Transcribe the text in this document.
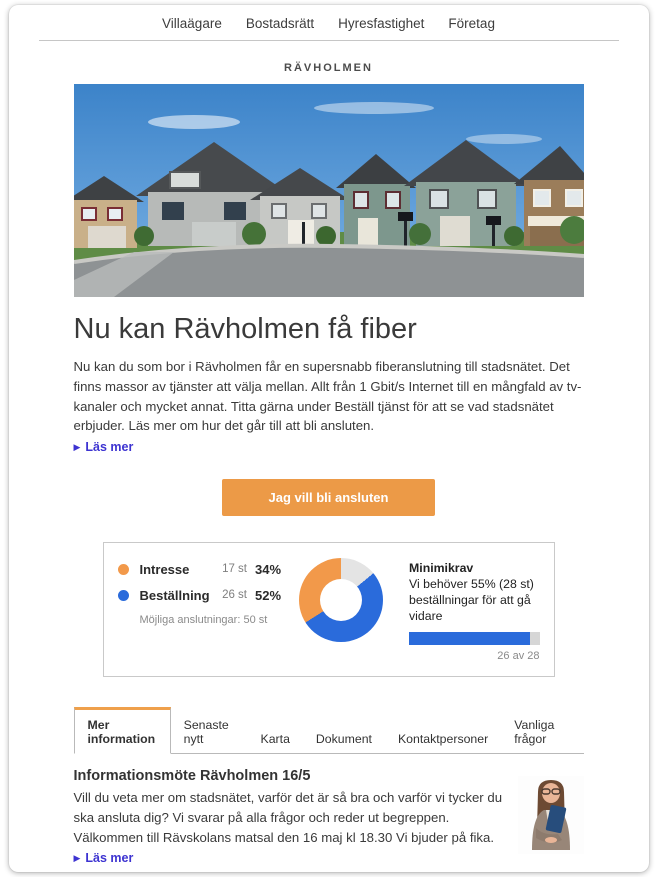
Villaägare Bostadsrätt Hyresfastighet Företag
RÄVHOLMEN
Nu kan Rävholmen få fiber

Nu kan du som bor i Rävholmen får en supersnabb fiberanslutning till stadsnätet. Det finns massor av tjänster att välja mellan. Allt från 1 Gbit/s Internet till en mångfald av tv-kanaler och mycket annat. Titta gärna under Beställ tjänst för att se vad stadsnätet erbjuder. Läs mer om hur det går till att bli ansluten.

▶ Läs mer
Jag vill bli ansluten
Intresse	17 st 34%
Beställning	26 st 52%
Möjliga anslutningar: 50 st
Minimikrav
Vi behöver 55% (28 st)
beställningar för att gå vidare
26 av 28
Mer information
Senaste nytt	Karta	Dokument	Kontaktpersoner
Vanliga frågor
Informationsmöte Rävholmen 16/5

Vill du veta mer om stadsnätet, varför det är så bra och varför vi tycker du ska ansluta dig? Vi svarar på alla frågor och reder ut begreppen. Välkommen till Rävskolans matsal den 16 maj kl 18.30 Vi bjuder på fika.

▶ Läs mer
